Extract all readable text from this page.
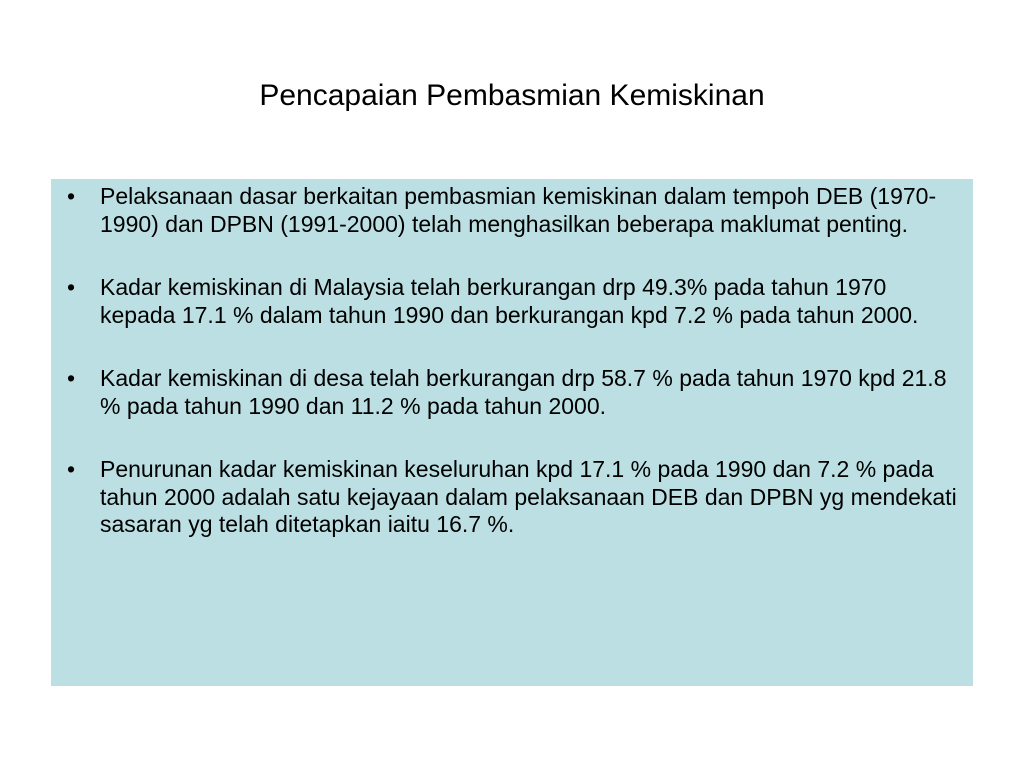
Pencapaian Pembasmian Kemiskinan
• Pelaksanaan dasar berkaitan pembasmian kemiskinan dalam tempoh DEB (1970-1990) dan DPBN (1991-2000) telah menghasilkan beberapa maklumat penting.
• Kadar kemiskinan di Malaysia telah berkurangan drp 49.3% pada tahun 1970 kepada 17.1 % dalam tahun 1990 dan berkurangan kpd 7.2 % pada tahun 2000.
• Kadar kemiskinan di desa telah berkurangan drp 58.7 % pada tahun 1970 kpd 21.8 % pada tahun 1990 dan 11.2 % pada tahun 2000.
• Penurunan kadar kemiskinan keseluruhan kpd 17.1 % pada 1990 dan 7.2 % pada tahun 2000 adalah satu kejayaan dalam pelaksanaan DEB dan DPBN yg mendekati sasaran yg telah ditetapkan iaitu 16.7 %.
